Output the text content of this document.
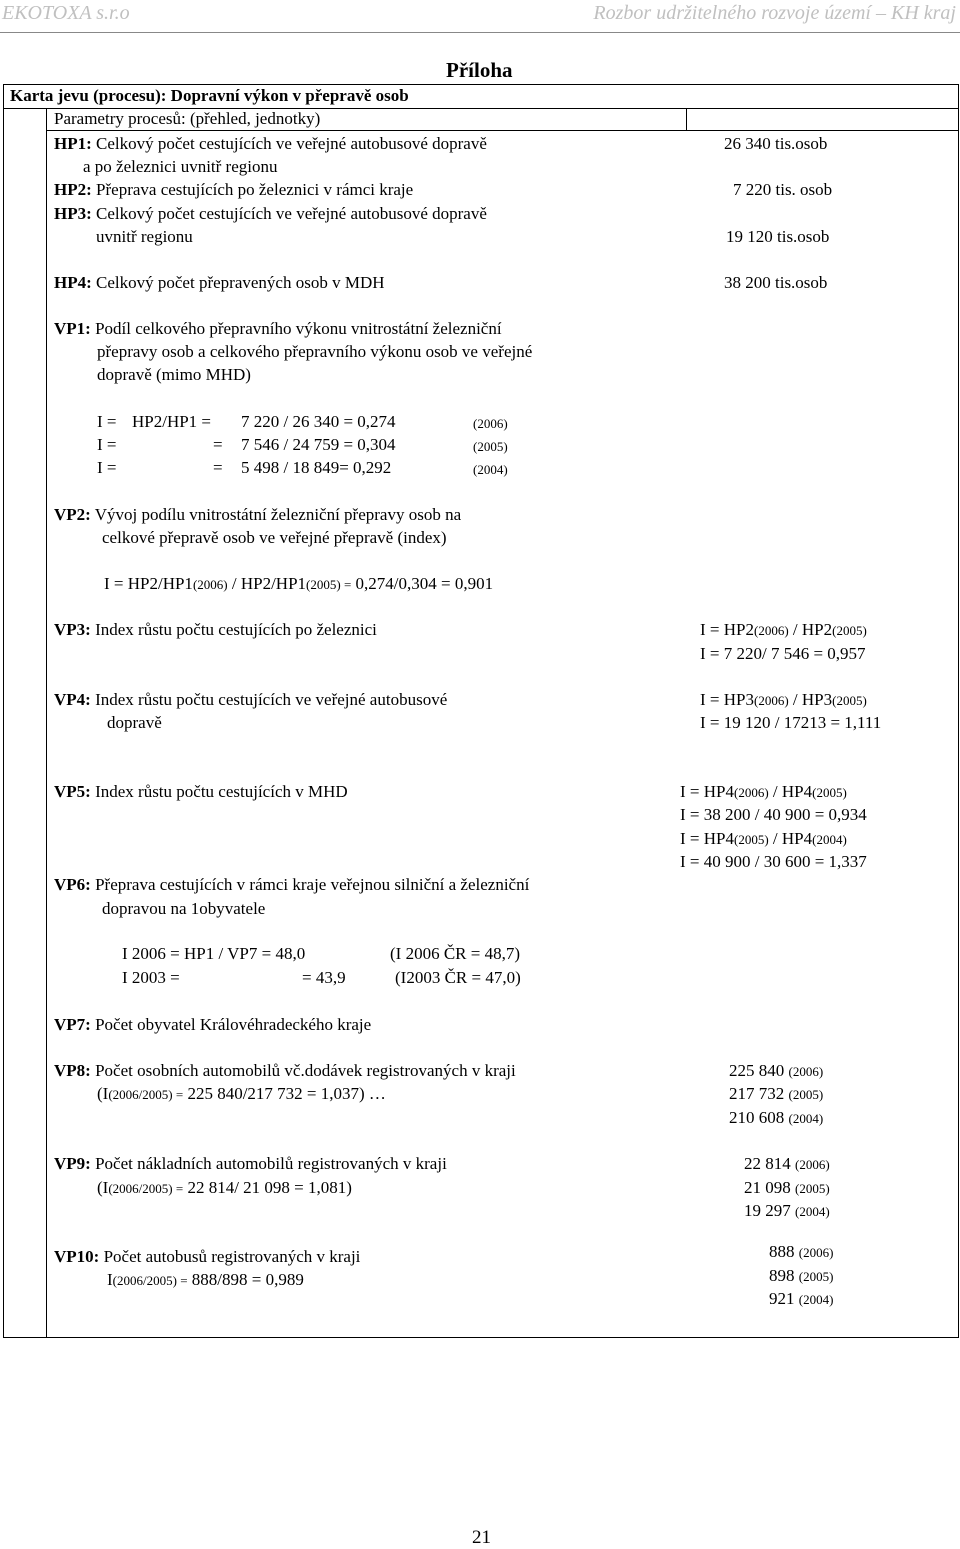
EKOTOXA s.r.o	Rozbor udržitelného rozvoje území – KH kraj
Příloha
Karta jevu (procesu): Dopravní výkon v přepravě osob
Parametry procesů: (přehled, jednotky)
HP1: Celkový počet cestujících ve veřejné autobusové dopravě
a po železnici uvnitř regionu
26 340 tis.osob
HP2: Přeprava cestujících po železnici v rámci kraje	7 220 tis. osob
HP3: Celkový počet cestujících ve veřejné autobusové dopravě
uvnitř regionu	19 120 tis.osob
HP4: Celkový počet přepravených osob v MDH	38 200 tis.osob
VP1: Podíl celkového přepravního výkonu vnitrostátní železniční
přepravy osob a celkového přepravního výkonu osob ve veřejné
dopravě (mimo MHD)
I = HP2/HP1 = 7 220 / 26 340 = 0,274	(2006)
I =	= 7 546 / 24 759 = 0,304	(2005)
I =	= 5 498 / 18 849= 0,292	(2004)
VP2: Vývoj podílu vnitrostátní železniční přepravy osob na
celkové přepravě osob ve veřejné přepravě (index)
I = HP2/HP1(2006) / HP2/HP1(2005) = 0,274/0,304 = 0,901
VP3: Index růstu počtu cestujících po železnici	I = HP2(2006) / HP2(2005)
I = 7 220/ 7 546 = 0,957
VP4: Index růstu počtu cestujících ve veřejné autobusové
dopravě
I = HP3(2006) / HP3(2005)
I = 19 120 / 17213 = 1,111
VP5: Index růstu počtu cestujících v MHD	I = HP4(2006) / HP4(2005)
I = 38 200 / 40 900 = 0,934
I = HP4(2005) / HP4(2004)
I = 40 900 / 30 600 = 1,337
VP6: Přeprava cestujících v rámci kraje veřejnou silniční a železniční
dopravou na 1obyvatele
I 2006 = HP1 / VP7 = 48,0	(I 2006 ČR = 48,7)
I 2003 =	= 43,9	(I2003 ČR = 47,0)
VP7: Počet obyvatel Královéhradeckého kraje
VP8: Počet osobních automobilů vč.dodávek registrovaných v kraji
(I(2006/2005) = 225 840/217 732 = 1,037) …
225 840 (2006)
217 732 (2005)
210 608 (2004)
VP9: Počet nákladních automobilů registrovaných v kraji
(I(2006/2005) = 22 814/ 21 098 = 1,081)
22 814 (2006)
21 098 (2005)
19 297 (2004)
VP10: Počet autobusů registrovaných v kraji
I(2006/2005) = 888/898 = 0,989
888 (2006)
898 (2005)
921 (2004)
21
